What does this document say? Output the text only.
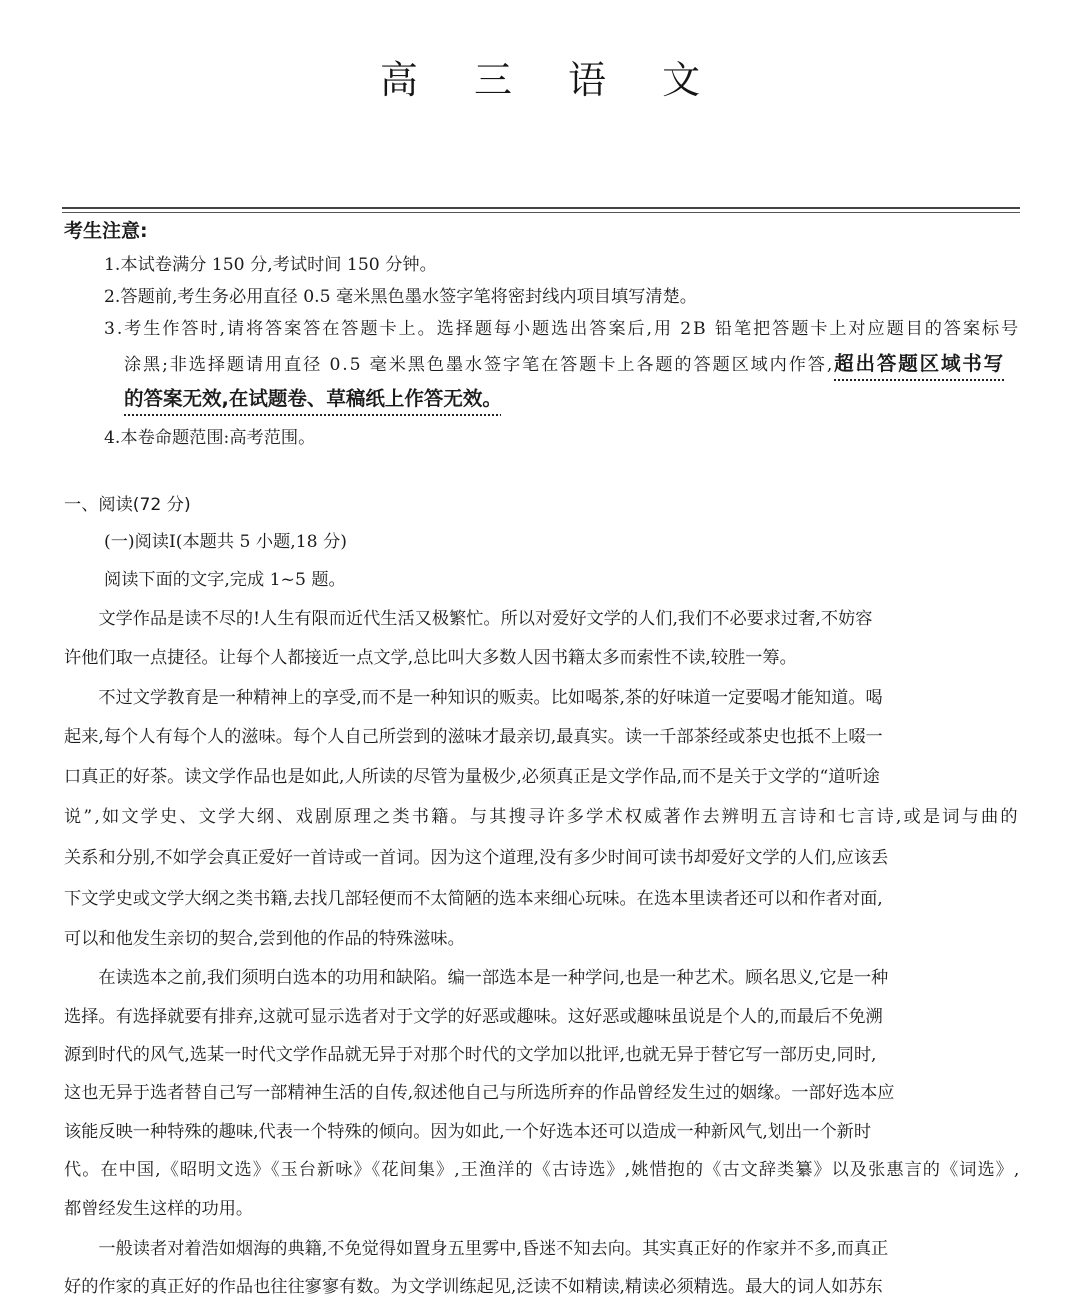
高 三 语 文
考生注意:
1.本试卷满分 150 分,考试时间 150 分钟。
2.答题前,考生务必用直径 0.5 毫米黑色墨水签字笔将密封线内项目填写清楚。
3.考生作答时,请将答案答在答题卡上。选择题每小题选出答案后,用 2B 铅笔把答题卡上对应题目的答案标号
涂黑;非选择题请用直径 0.5 毫米黑色墨水签字笔在答题卡上各题的答题区域内作答,超出答题区域书写
的答案无效,在试题卷、草稿纸上作答无效。
4.本卷命题范围:高考范围。
一、阅读(72 分)
(一)阅读Ⅰ(本题共 5 小题,18 分)
阅读下面的文字,完成 1~5 题。
　　文学作品是读不尽的!人生有限而近代生活又极繁忙。所以对爱好文学的人们,我们不必要求过奢,不妨容
许他们取一点捷径。让每个人都接近一点文学,总比叫大多数人因书籍太多而索性不读,较胜一筹。
　　不过文学教育是一种精神上的享受,而不是一种知识的贩卖。比如喝茶,茶的好味道一定要喝才能知道。喝
起来,每个人有每个人的滋味。每个人自己所尝到的滋味才最亲切,最真实。读一千部茶经或茶史也抵不上啜一
口真正的好茶。读文学作品也是如此,人所读的尽管为量极少,必须真正是文学作品,而不是关于文学的“道听途
说”,如文学史、文学大纲、戏剧原理之类书籍。与其搜寻许多学术权威著作去辨明五言诗和七言诗,或是词与曲的
关系和分别,不如学会真正爱好一首诗或一首词。因为这个道理,没有多少时间可读书却爱好文学的人们,应该丢
下文学史或文学大纲之类书籍,去找几部轻便而不太简陋的选本来细心玩味。在选本里读者还可以和作者对面,
可以和他发生亲切的契合,尝到他的作品的特殊滋味。
　　在读选本之前,我们须明白选本的功用和缺陷。编一部选本是一种学问,也是一种艺术。顾名思义,它是一种
选择。有选择就要有排弃,这就可显示选者对于文学的好恶或趣味。这好恶或趣味虽说是个人的,而最后不免溯
源到时代的风气,选某一时代文学作品就无异于对那个时代的文学加以批评,也就无异于替它写一部历史,同时,
这也无异于选者替自己写一部精神生活的自传,叙述他自己与所选所弃的作品曾经发生过的姻缘。一部好选本应
该能反映一种特殊的趣味,代表一个特殊的倾向。因为如此,一个好选本还可以造成一种新风气,划出一个新时
代。在中国,《昭明文选》《玉台新咏》《花间集》,王渔洋的《古诗选》,姚惜抱的《古文辞类纂》以及张惠言的《词选》,
都曾经发生这样的功用。
　　一般读者对着浩如烟海的典籍,不免觉得如置身五里雾中,昏迷不知去向。其实真正好的作家并不多,而真正
好的作家的真正好的作品也往往寥寥有数。为文学训练起见,泛读不如精读,精读必须精选。最大的词人如苏东
